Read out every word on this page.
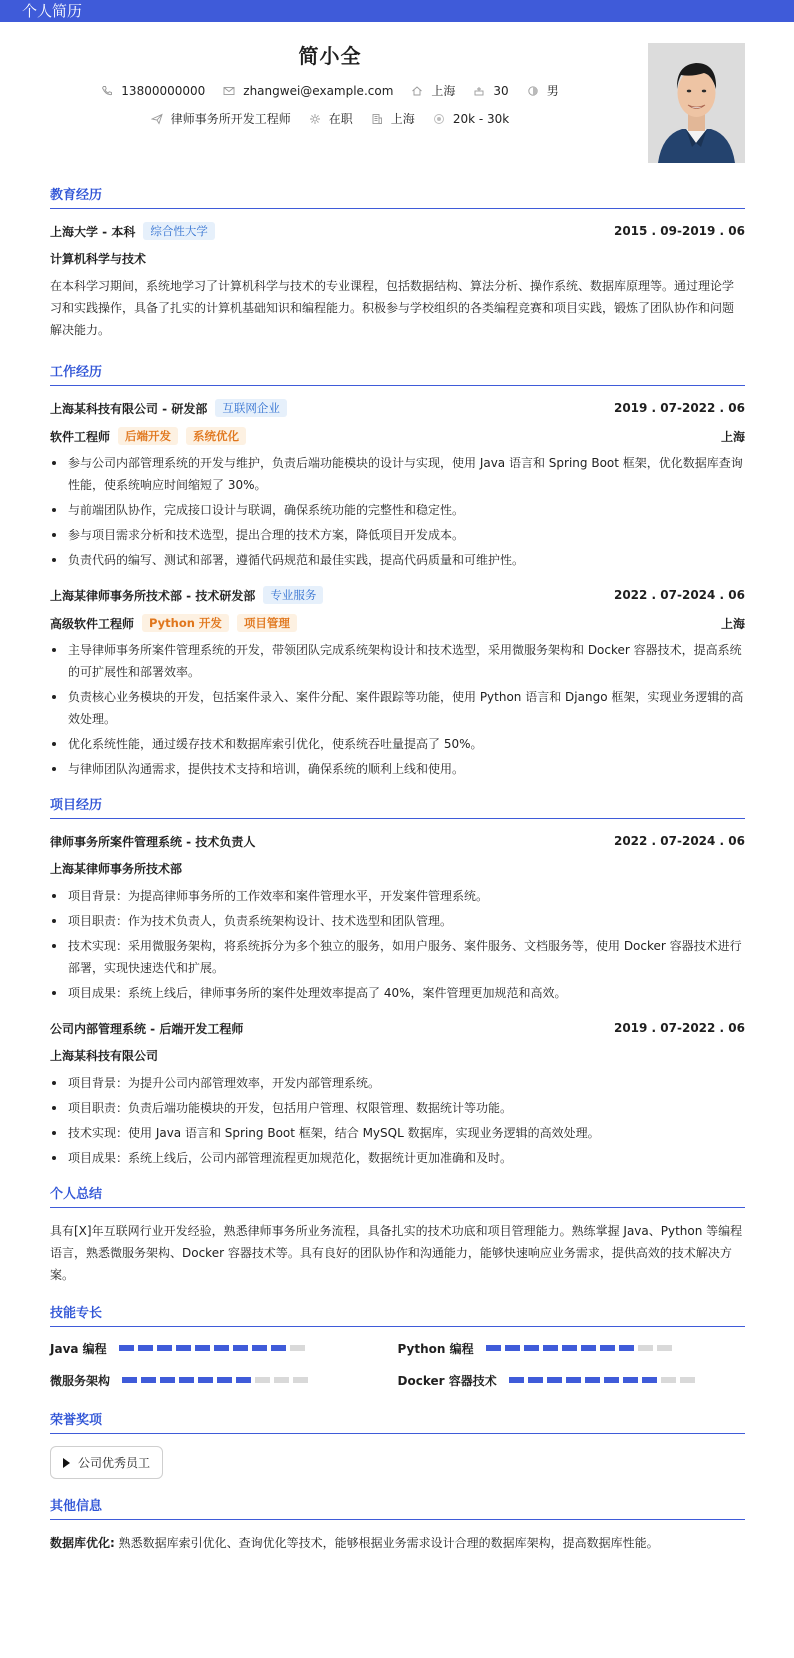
个人简历
简小全
13800000000	zhangwei@example.com	上海	30	男
律师事务所开发工程师	在职	上海	20k - 30k
教育经历
上海大学 - 本科	综合性大学	2015 . 09-2019 . 06
计算机科学与技术
在本科学习期间，系统地学习了计算机科学与技术的专业课程，包括数据结构、算法分析、操作系统、数据库原理等。通过理论学习和实践操作，具备了扎实的计算机基础知识和编程能力。积极参与学校组织的各类编程竞赛和项目实践，锻炼了团队协作和问题解决能力。
工作经历
上海某科技有限公司 - 研发部	互联网企业	2019 . 07-2022 . 06
软件工程师	后端开发	系统优化	上海
参与公司内部管理系统的开发与维护，负责后端功能模块的设计与实现，使用 Java 语言和 Spring Boot 框架，优化数据库查询性能，使系统响应时间缩短了 30%。
与前端团队协作，完成接口设计与联调，确保系统功能的完整性和稳定性。
参与项目需求分析和技术选型，提出合理的技术方案，降低项目开发成本。
负责代码的编写、测试和部署，遵循代码规范和最佳实践，提高代码质量和可维护性。
上海某律师事务所技术部 - 技术研发部	专业服务	2022 . 07-2024 . 06
高级软件工程师	Python 开发	项目管理	上海
主导律师事务所案件管理系统的开发，带领团队完成系统架构设计和技术选型，采用微服务架构和 Docker 容器技术，提高系统的可扩展性和部署效率。
负责核心业务模块的开发，包括案件录入、案件分配、案件跟踪等功能，使用 Python 语言和 Django 框架，实现业务逻辑的高效处理。
优化系统性能，通过缓存技术和数据库索引优化，使系统吞吐量提高了 50%。
与律师团队沟通需求，提供技术支持和培训，确保系统的顺利上线和使用。
项目经历
律师事务所案件管理系统 - 技术负责人	2022 . 07-2024 . 06
上海某律师事务所技术部
项目背景：为提高律师事务所的工作效率和案件管理水平，开发案件管理系统。
项目职责：作为技术负责人，负责系统架构设计、技术选型和团队管理。
技术实现：采用微服务架构，将系统拆分为多个独立的服务，如用户服务、案件服务、文档服务等，使用 Docker 容器技术进行部署，实现快速迭代和扩展。
项目成果：系统上线后，律师事务所的案件处理效率提高了 40%，案件管理更加规范和高效。
公司内部管理系统 - 后端开发工程师	2019 . 07-2022 . 06
上海某科技有限公司
项目背景：为提升公司内部管理效率，开发内部管理系统。
项目职责：负责后端功能模块的开发，包括用户管理、权限管理、数据统计等功能。
技术实现：使用 Java 语言和 Spring Boot 框架，结合 MySQL 数据库，实现业务逻辑的高效处理。
项目成果：系统上线后，公司内部管理流程更加规范化，数据统计更加准确和及时。
个人总结
具有[X]年互联网行业开发经验，熟悉律师事务所业务流程，具备扎实的技术功底和项目管理能力。熟练掌握 Java、Python 等编程语言，熟悉微服务架构、Docker 容器技术等。具有良好的团队协作和沟通能力，能够快速响应业务需求，提供高效的技术解决方案。
技能专长
Java 编程	Python 编程
微服务架构	Docker 容器技术
荣誉奖项
公司优秀员工
其他信息
数据库优化: 熟悉数据库索引优化、查询优化等技术，能够根据业务需求设计合理的数据库架构，提高数据库性能。
